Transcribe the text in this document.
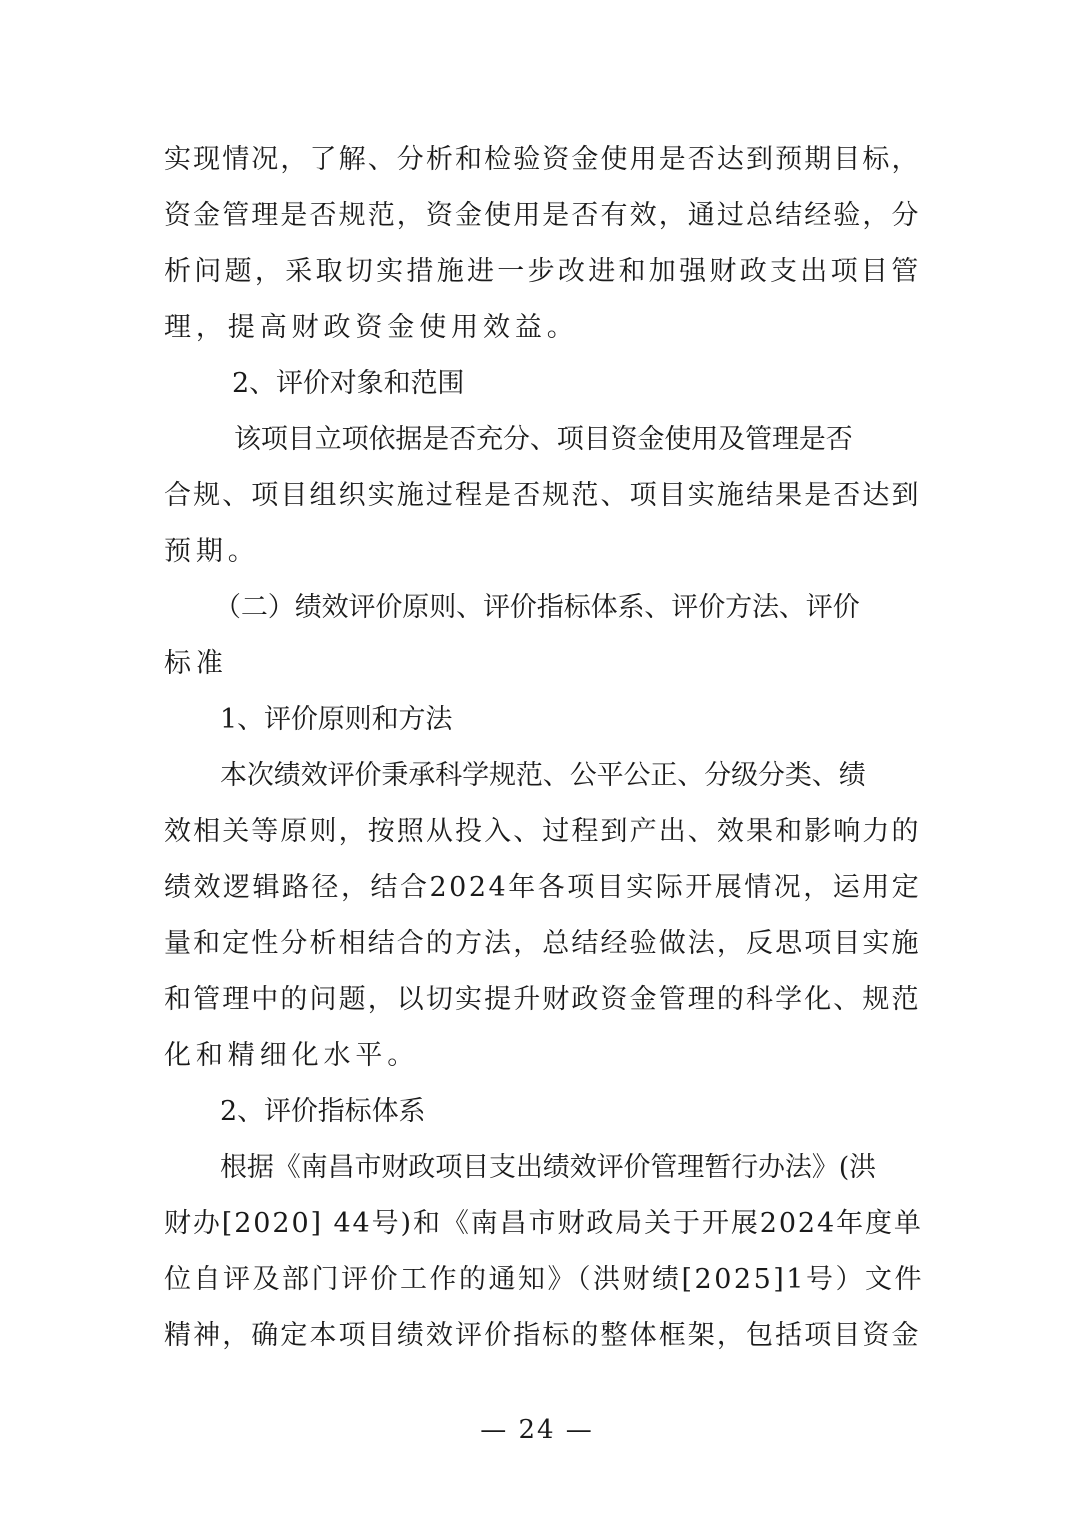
实现情况，了解、分析和检验资金使用是否达到预期目标，
资金管理是否规范，资金使用是否有效，通过总结经验，分
析问题，采取切实措施进一步改进和加强财政支出项目管
理，提高财政资金使用效益。
2、评价对象和范围
该项目立项依据是否充分、项目资金使用及管理是否
合规、项目组织实施过程是否规范、项目实施结果是否达到
预期。
（二）绩效评价原则、评价指标体系、评价方法、评价
标准
1、评价原则和方法
本次绩效评价秉承科学规范、公平公正、分级分类、绩
效相关等原则，按照从投入、过程到产出、效果和影响力的
绩效逻辑路径，结合2024年各项目实际开展情况，运用定
量和定性分析相结合的方法，总结经验做法，反思项目实施
和管理中的问题，以切实提升财政资金管理的科学化、规范
化和精细化水平。
2、评价指标体系
根据《南昌市财政项目支出绩效评价管理暂行办法》(洪
财办[2020] 44号)和《南昌市财政局关于开展2024年度单
位自评及部门评价工作的通知》（洪财绩[2025]1号）文件
精神，确定本项目绩效评价指标的整体框架，包括项目资金
— 24 —
